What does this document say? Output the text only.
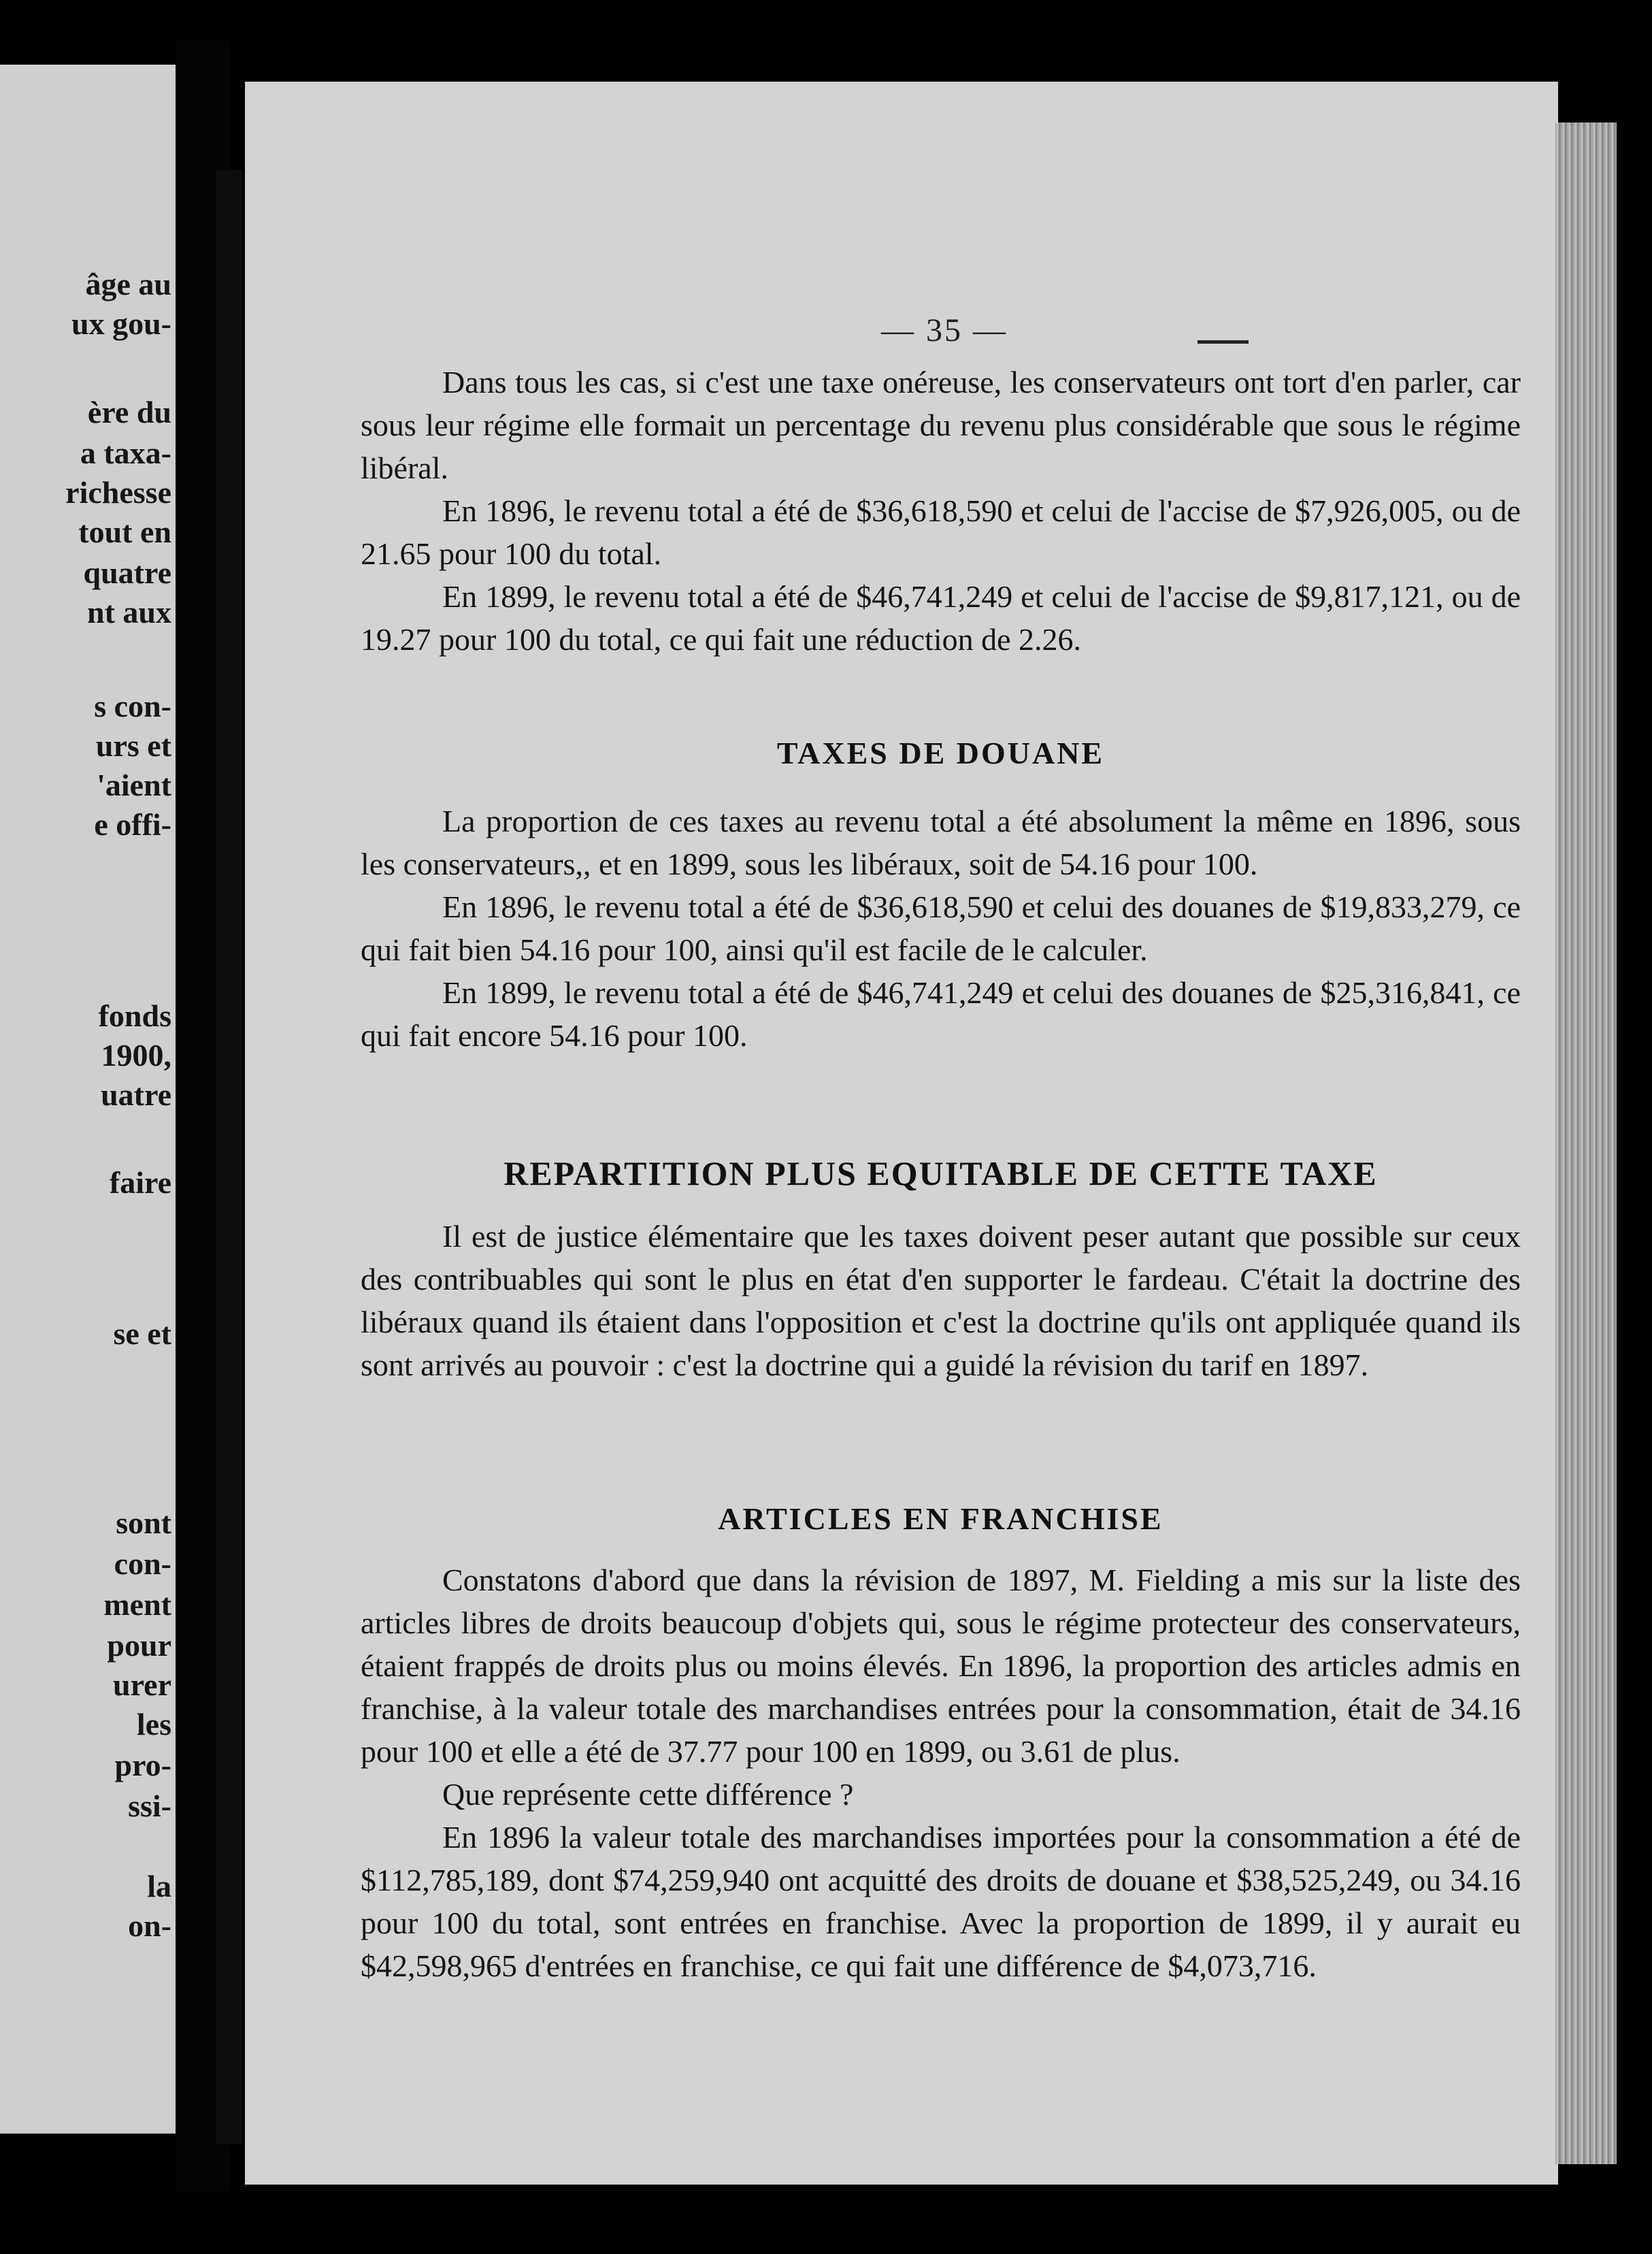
âge au
ux gou-
ère du
a taxa-
richesse
tout en
quatre
nt aux
s con-
urs et
'aient
e offi-
fonds
1900,
uatre
faire
se et
sont
con-
ment
pour
urer
les
pro-
ssi-
la
on-
— 35 —

Dans tous les cas, si c'est une taxe onéreuse, les conservateurs ont tort d'en parler, car sous leur régime elle formait un percentage du revenu plus considérable que sous le régime libéral.

En 1896, le revenu total a été de $36,618,590 et celui de l'accise de $7,926,005, ou de 21.65 pour 100 du total.

En 1899, le revenu total a été de $46,741,249 et celui de l'accise de $9,817,121, ou de 19.27 pour 100 du total, ce qui fait une réduction de 2.26.

TAXES DE DOUANE

La proportion de ces taxes au revenu total a été absolument la même en 1896, sous les conservateurs,, et en 1899, sous les libéraux, soit de 54.16 pour 100.

En 1896, le revenu total a été de $36,618,590 et celui des douanes de $19,833,279, ce qui fait bien 54.16 pour 100, ainsi qu'il est facile de le calculer.

En 1899, le revenu total a été de $46,741,249 et celui des douanes de $25,316,841, ce qui fait encore 54.16 pour 100.

REPARTITION PLUS EQUITABLE DE CETTE TAXE

Il est de justice élémentaire que les taxes doivent peser autant que possible sur ceux des contribuables qui sont le plus en état d'en supporter le fardeau. C'était la doctrine des libéraux quand ils étaient dans l'opposition et c'est la doctrine qu'ils ont appliquée quand ils sont arrivés au pouvoir : c'est la doctrine qui a guidé la révision du tarif en 1897.

ARTICLES EN FRANCHISE

Constatons d'abord que dans la révision de 1897, M. Fielding a mis sur la liste des articles libres de droits beaucoup d'objets qui, sous le régime protecteur des conservateurs, étaient frappés de droits plus ou moins élevés. En 1896, la proportion des articles admis en franchise, à la valeur totale des marchandises entrées pour la consommation, était de 34.16 pour 100 et elle a été de 37.77 pour 100 en 1899, ou 3.61 de plus.

Que représente cette différence ?

En 1896 la valeur totale des marchandises importées pour la consommation a été de $112,785,189, dont $74,259,940 ont acquitté des droits de douane et $38,525,249, ou 34.16 pour 100 du total, sont entrées en franchise. Avec la proportion de 1899, il y aurait eu $42,598,965 d'entrées en franchise, ce qui fait une différence de $4,073,716.
